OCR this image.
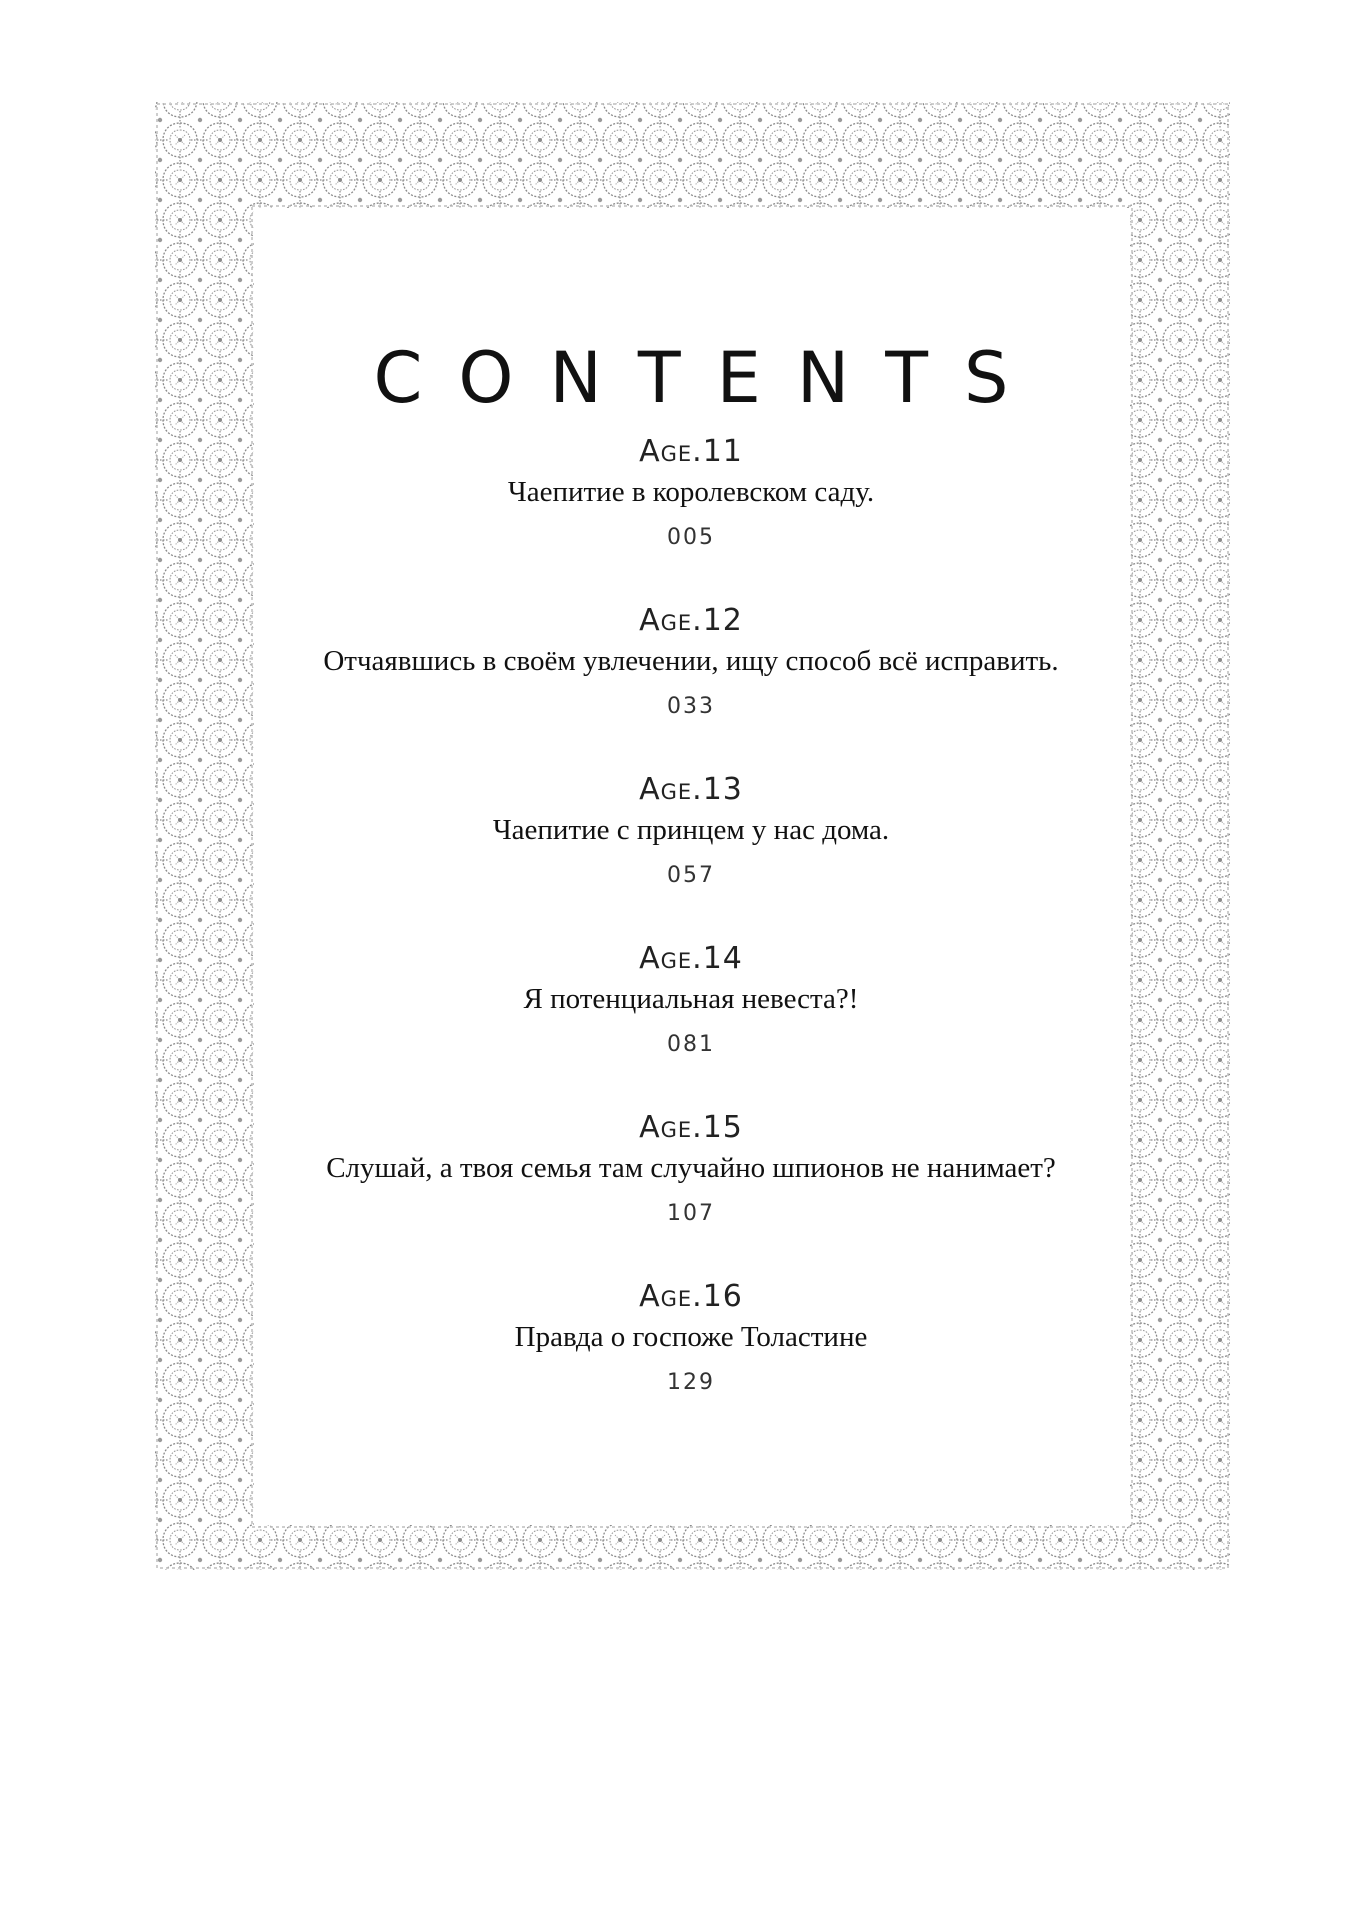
CONTENTS
Age.11
Чаепитие в королевском саду.
005
Age.12
Отчаявшись в своём увлечении, ищу способ всё исправить.
033
Age.13
Чаепитие с принцем у нас дома.
057
Age.14
Я потенциальная невеста?!
081
Age.15
Слушай, а твоя семья там случайно шпионов не нанимает?
107
Age.16
Правда о госпоже Толастине
129
